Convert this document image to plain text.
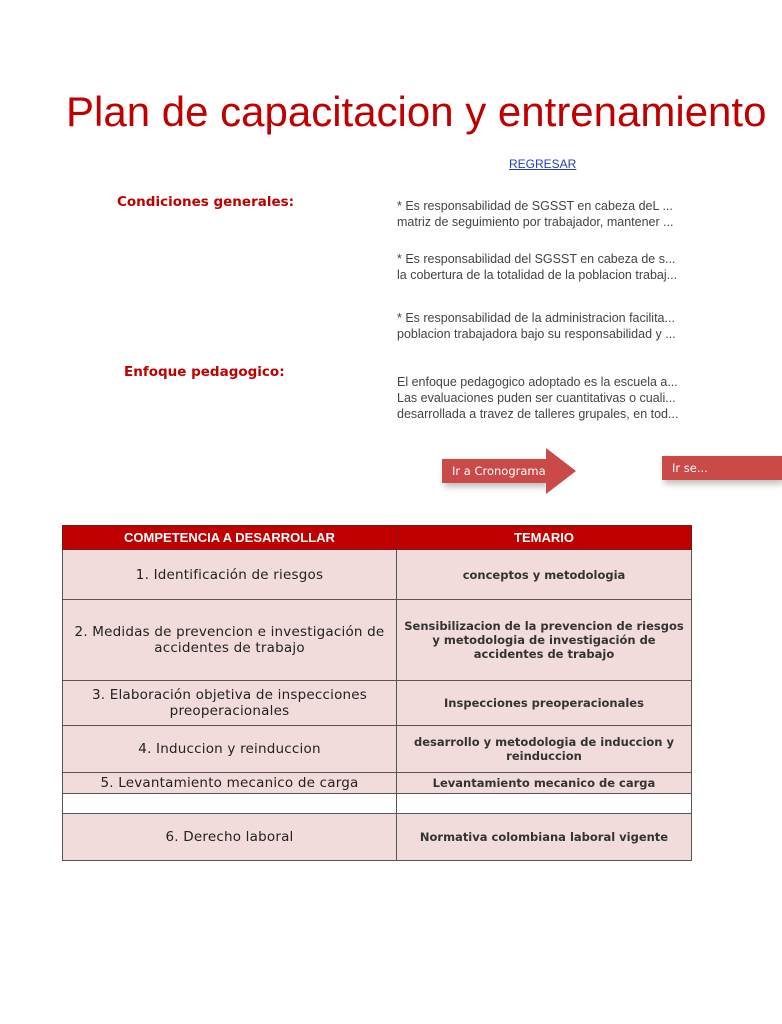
Plan de capacitacion y entrenamiento
REGRESAR
Condiciones generales:	* Es responsabilidad de SGSST en cabeza deL ...
matriz de seguimiento por trabajador, mantener ...
* Es responsabilidad del SGSST en cabeza de s...
la cobertura de la totalidad de la poblacion trabaj...
* Es responsabilidad de la administracion facilita...
poblacion trabajadora bajo su responsabilidad y ...
Enfoque pedagogico:
El enfoque pedagogico adoptado es la escuela a...
Las evaluaciones puden ser cuantitativas o cuali...
desarrollada a travez de talleres grupales, en tod...
Ir a Cronograma	Ir se...
COMPETENCIA A DESARROLLAR	TEMARIO
1. Identificación de riesgos	conceptos y metodologia
2. Medidas de prevencion e investigación de accidentes de trabajo	Sensibilizacion de la prevencion de riesgos y metodologia de investigación de accidentes de trabajo
3. Elaboración objetiva de inspecciones preoperacionales	Inspecciones preoperacionales
4. Induccion y reinduccion	desarrollo y metodologia de induccion y reinduccion
5. Levantamiento mecanico de carga	Levantamiento mecanico de carga

6. Derecho laboral	Normativa colombiana laboral vigente
